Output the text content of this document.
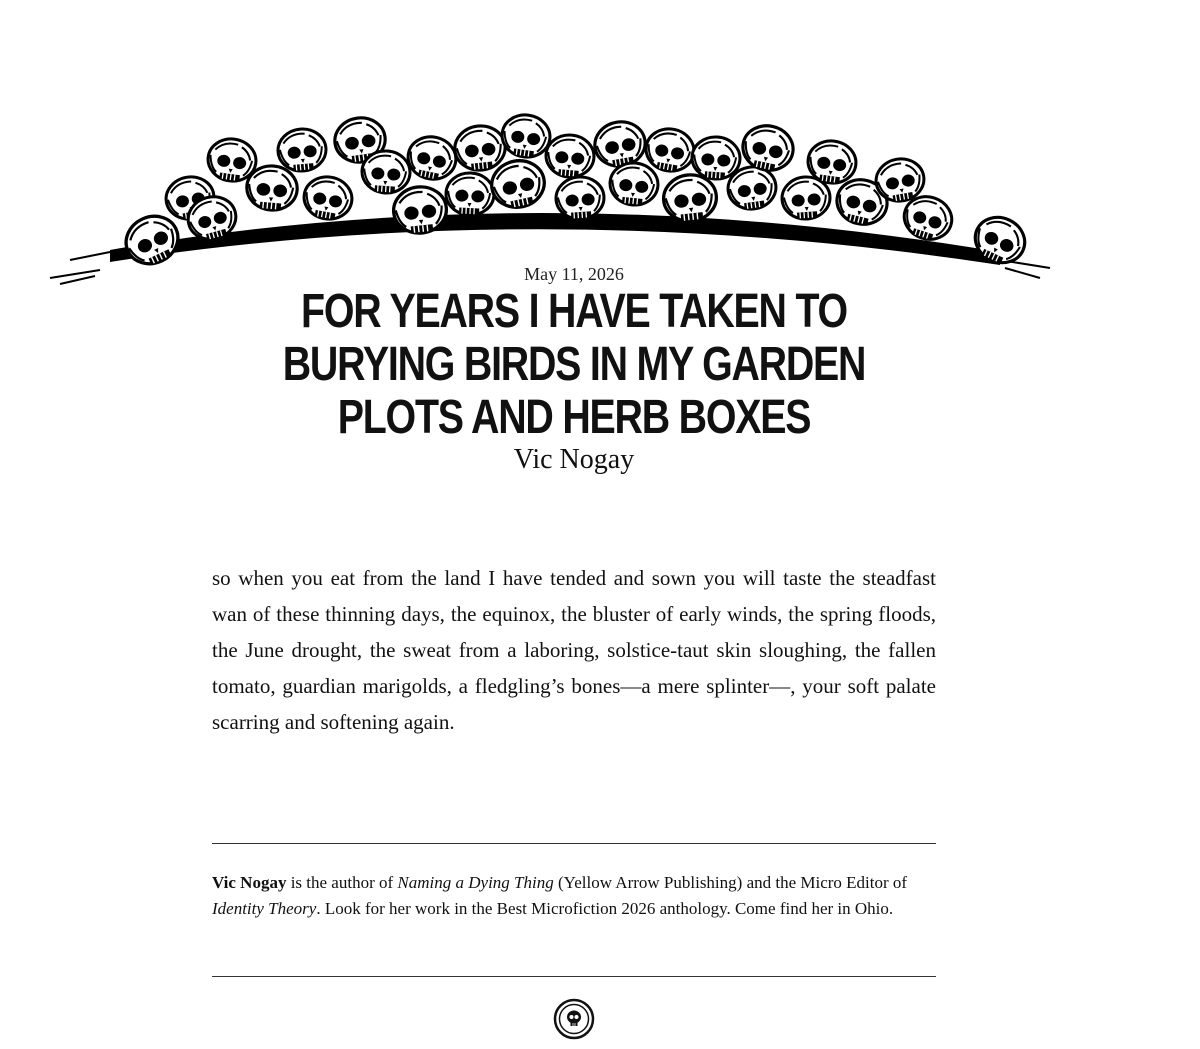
May 11, 2026
FOR YEARS I HAVE TAKEN TO BURYING BIRDS IN MY GARDEN PLOTS AND HERB BOXES
Vic Nogay

so when you eat from the land I have tended and sown you will taste the steadfast wan of these thinning days, the equinox, the bluster of early winds, the spring floods, the June drought, the sweat from a laboring, solstice-taut skin sloughing, the fallen tomato, guardian marigolds, a fledgling’s bones—a mere splinter—, your soft palate scarring and softening again.

Vic Nogay is the author of Naming a Dying Thing (Yellow Arrow Publishing) and the Micro Editor of Identity Theory. Look for her work in the Best Microfiction 2026 anthology. Come find her in Ohio.
